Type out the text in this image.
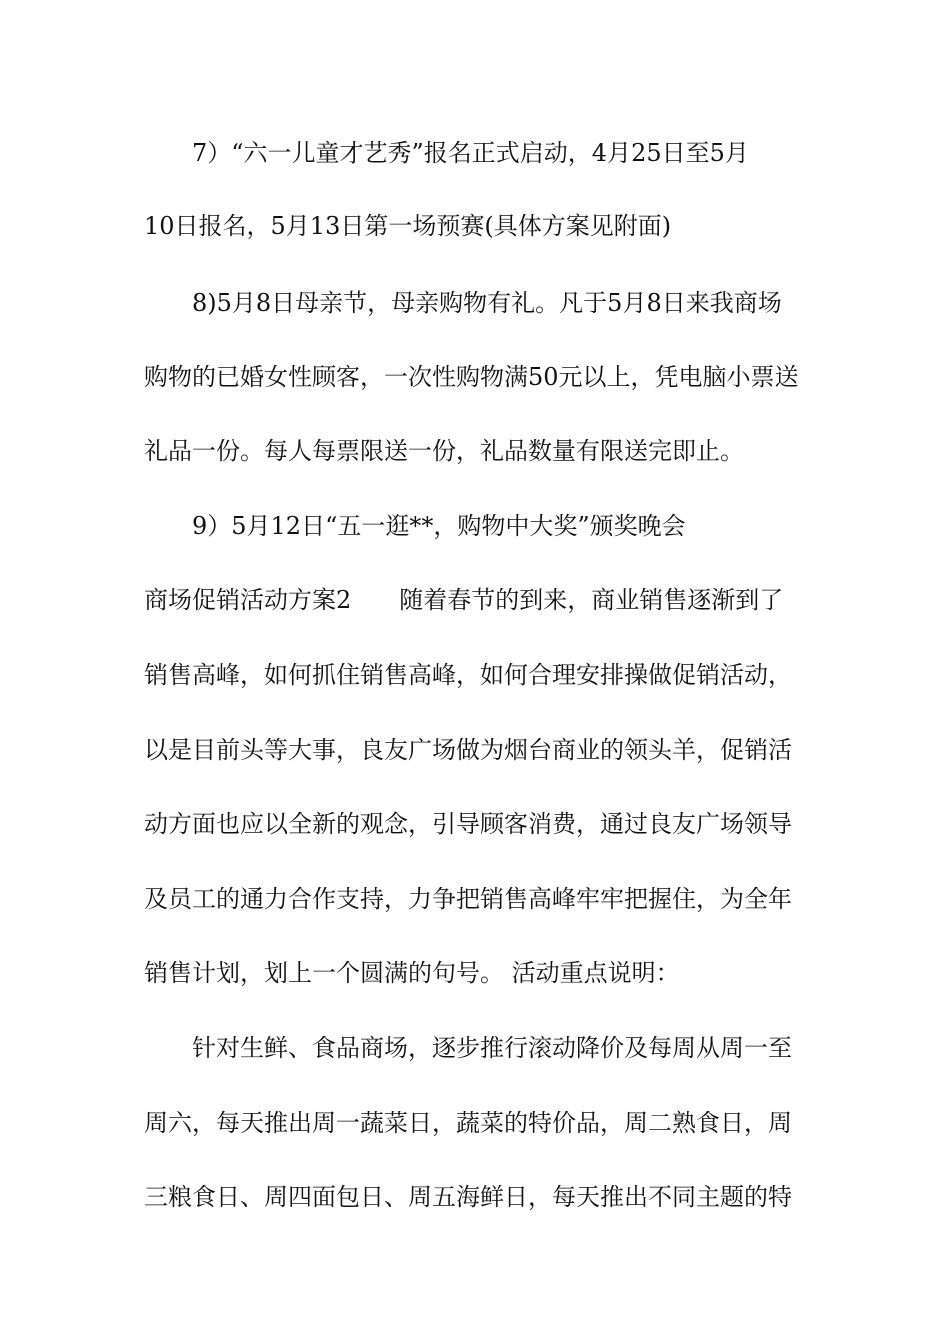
7）“六一儿童才艺秀”报名正式启动，4月25日至5月
10日报名，5月13日第一场预赛(具体方案见附面)
8)5月8日母亲节，母亲购物有礼。凡于5月8日来我商场
购物的已婚女性顾客，一次性购物满50元以上，凭电脑小票送
礼品一份。每人每票限送一份，礼品数量有限送完即止。
9）5月12日“五一逛**，购物中大奖”颁奖晚会
商场促销活动方案2　　随着春节的到来，商业销售逐渐到了
销售高峰，如何抓住销售高峰，如何合理安排操做促销活动，
以是目前头等大事，良友广场做为烟台商业的领头羊，促销活
动方面也应以全新的观念，引导顾客消费，通过良友广场领导
及员工的通力合作支持，力争把销售高峰牢牢把握住，为全年
销售计划，划上一个圆满的句号。 活动重点说明：
针对生鲜、食品商场，逐步推行滚动降价及每周从周一至
周六，每天推出周一蔬菜日，蔬菜的特价品，周二熟食日，周
三粮食日、周四面包日、周五海鲜日，每天推出不同主题的特
